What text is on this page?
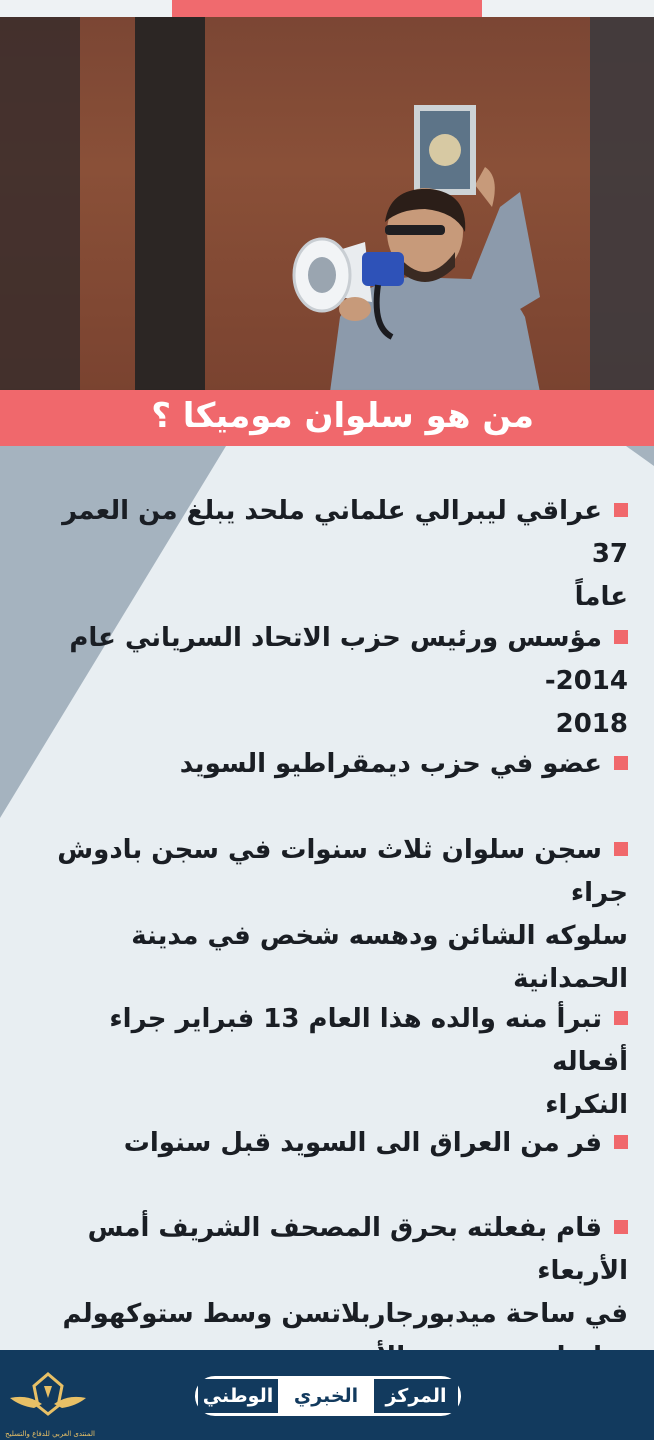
من هو سلوان موميكا ؟
عراقي ليبرالي علماني ملحد يبلغ من العمر 37
عاماً
مؤسس ورئيس حزب الاتحاد السرياني عام 2014-
2018
عضو في حزب ديمقراطيو السويد
سجن سلوان ثلاث سنوات في سجن بادوش جراء
سلوكه الشائن ودهسه شخص في مدينة
الحمدانية
تبرأ منه والده هذا العام 13 فبراير جراء أفعاله
النكراء
فر من العراق الى السويد قبل سنوات
قام بفعلته بحرق المصحف الشريف أمس الأربعاء
في ساحة ميدبورجاربلاتسن وسط ستوكهولم
المنتدى العربي للدفاع والتسليح
المركز
الخبري
الوطني
